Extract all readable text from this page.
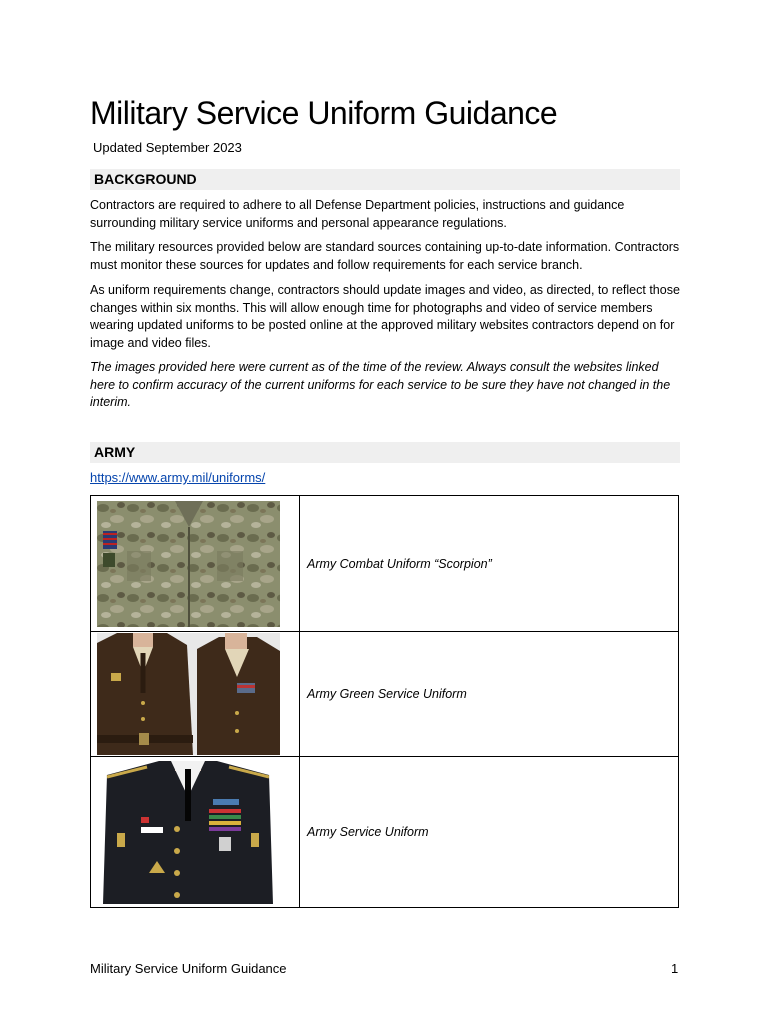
Military Service Uniform Guidance
Updated September 2023
BACKGROUND

Contractors are required to adhere to all Defense Department policies, instructions and guidance surrounding military service uniforms and personal appearance regulations.

The military resources provided below are standard sources containing up-to-date information. Contractors must monitor these sources for updates and follow requirements for each service branch.

As uniform requirements change, contractors should update images and video, as directed, to reflect those changes within six months. This will allow enough time for photographs and video of service members wearing updated uniforms to be posted online at the approved military websites contractors depend on for image and video files.

The images provided here were current as of the time of the review. Always consult the websites linked here to confirm accuracy of the current uniforms for each service to be sure they have not changed in the interim.

ARMY
https://www.army.mil/uniforms/
	Army Combat Uniform “Scorpion”

	Army Green Service Uniform

	Army Service Uniform
Military Service Uniform Guidance	1
